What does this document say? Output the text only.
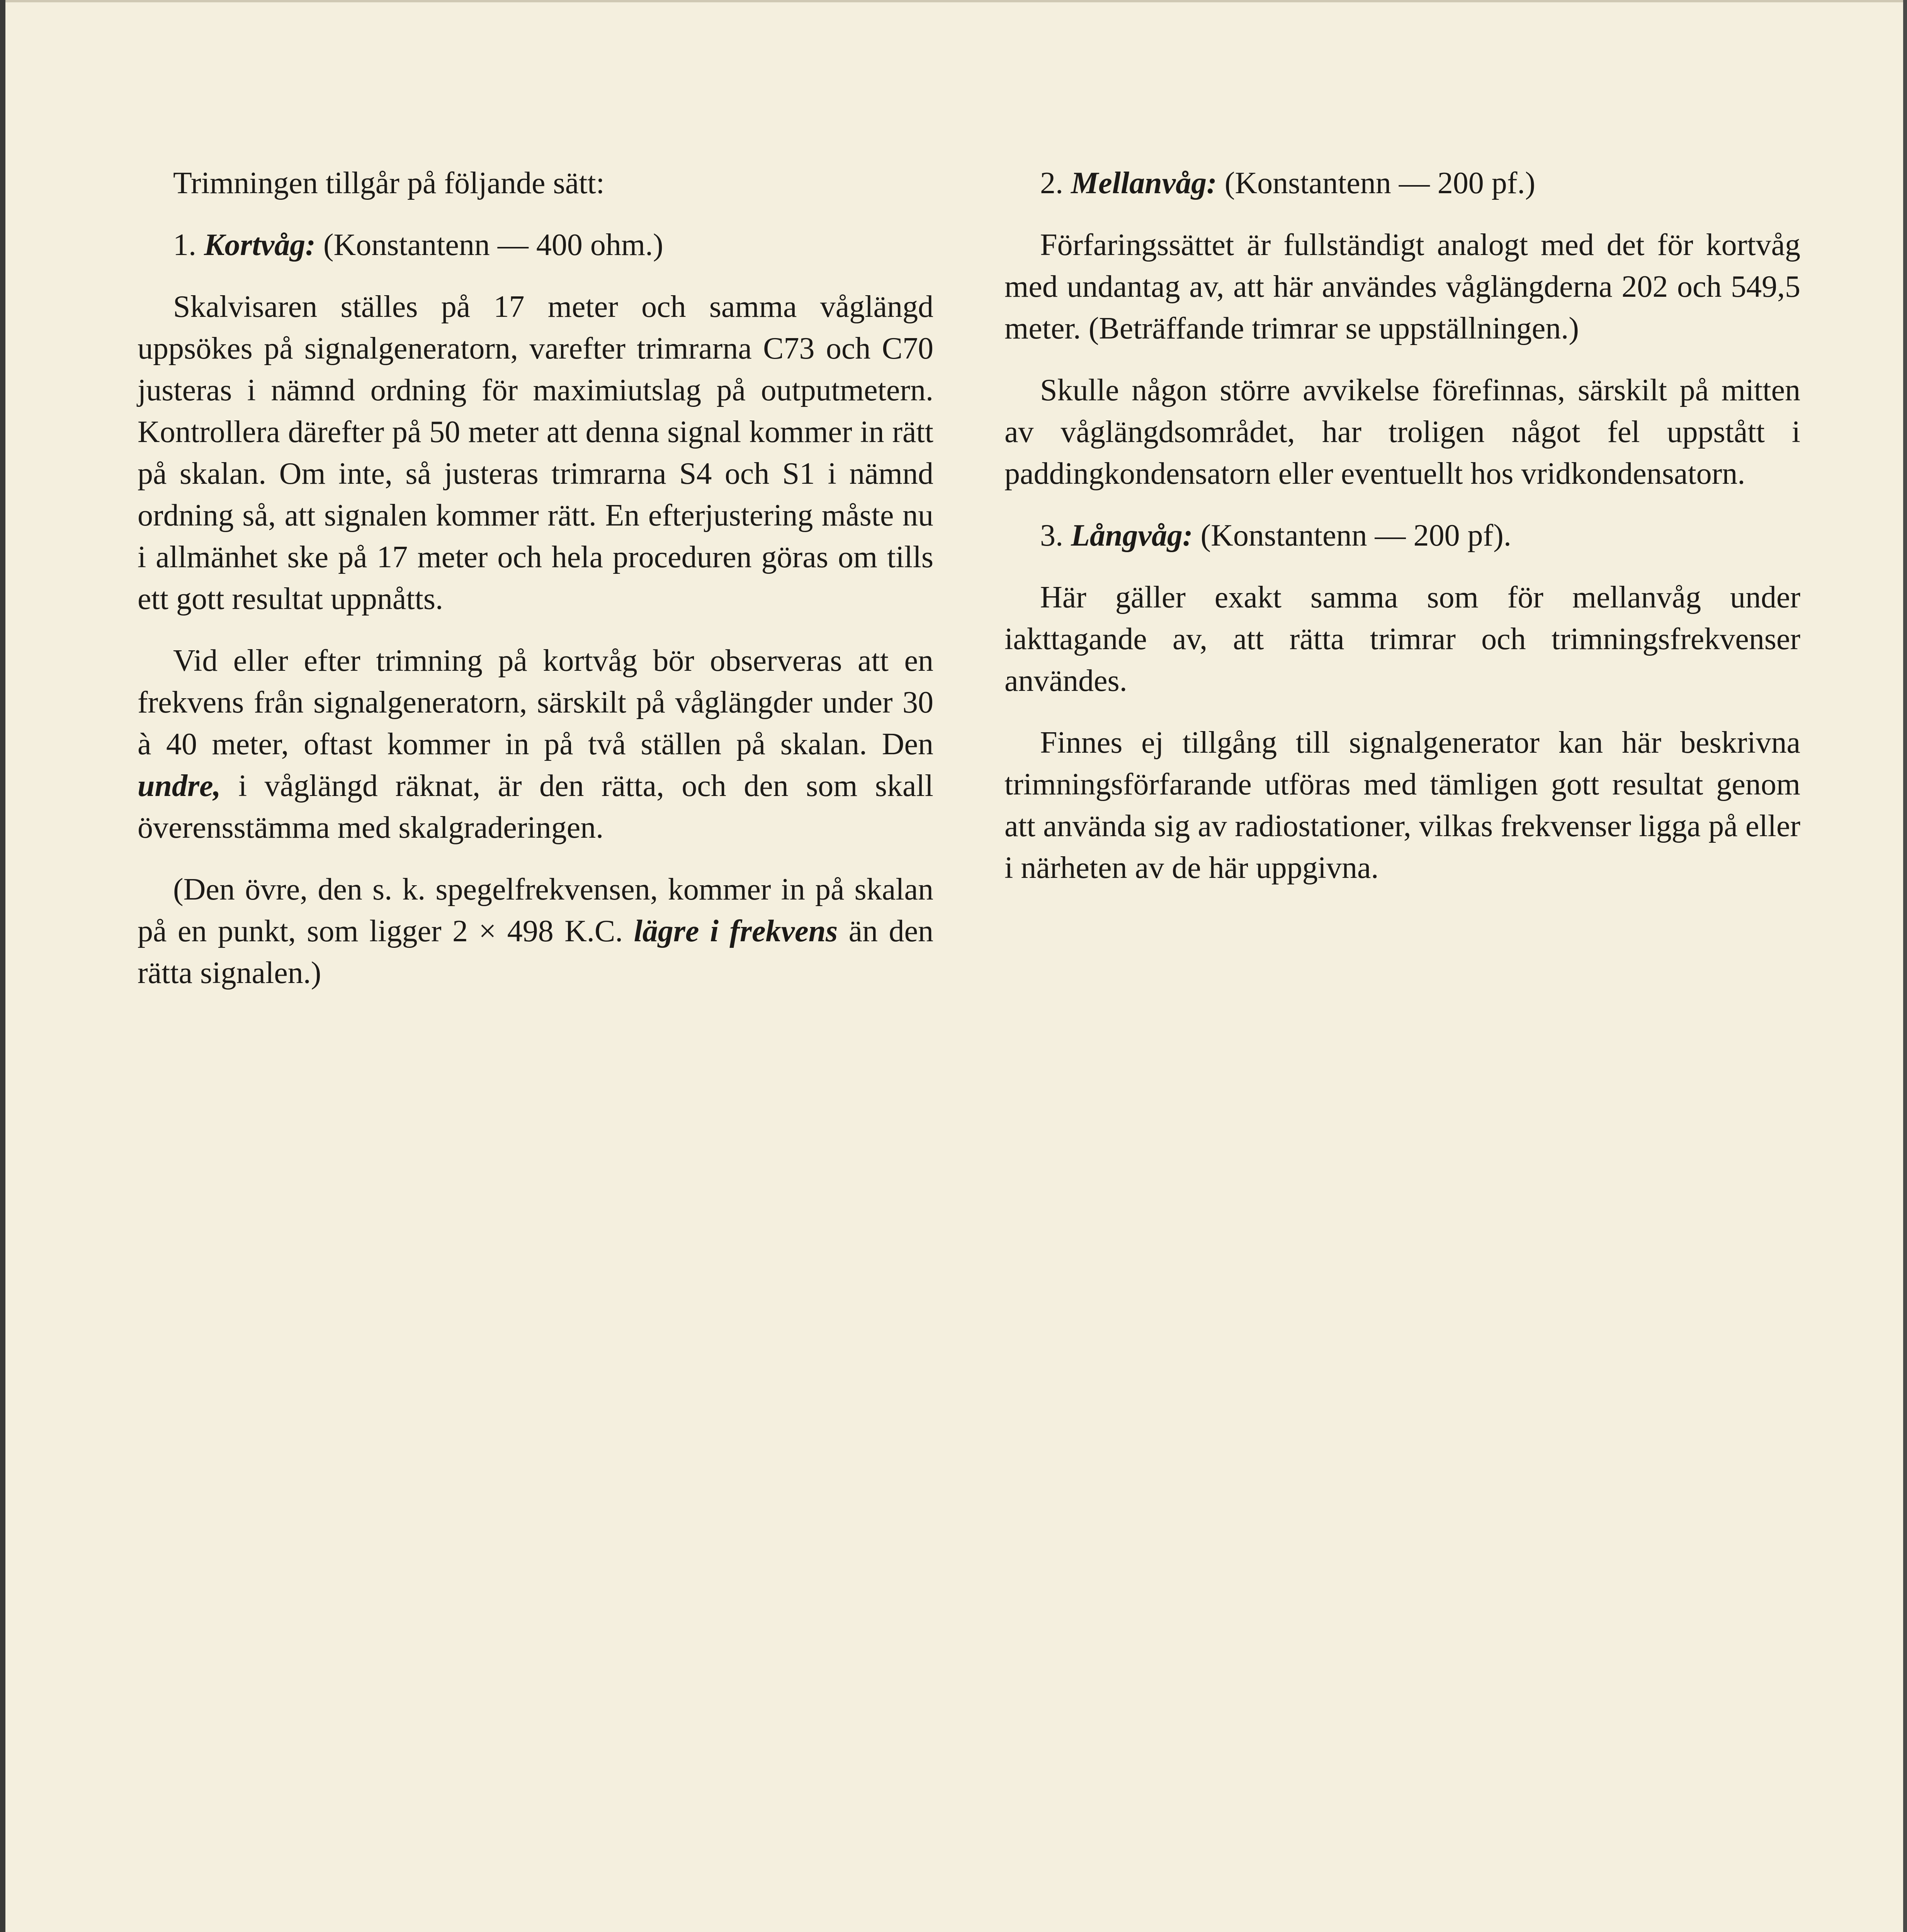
Trimningen tillgår på följande sätt:

1. Kortvåg: (Konstantenn — 400 ohm.)

Skalvisaren ställes på 17 meter och samma våglängd uppsökes på signalgeneratorn, varefter trimrarna C73 och C70 justeras i nämnd ordning för maximiutslag på outputmetern. Kontrollera därefter på 50 meter att denna signal kommer in rätt på skalan. Om inte, så justeras trimrarna S4 och S1 i nämnd ordning så, att signalen kommer rätt. En efterjustering måste nu i allmänhet ske på 17 meter och hela proceduren göras om tills ett gott resultat uppnåtts.

Vid eller efter trimning på kortvåg bör observeras att en frekvens från signalgeneratorn, särskilt på våglängder under 30 à 40 meter, oftast kommer in på två ställen på skalan. Den undre, i våglängd räknat, är den rätta, och den som skall överensstämma med skalgraderingen.

(Den övre, den s. k. spegelfrekvensen, kommer in på skalan på en punkt, som ligger 2 × 498 K.C. lägre i frekvens än den rätta signalen.)

2. Mellanvåg: (Konstantenn — 200 pf.)

Förfaringssättet är fullständigt analogt med det för kortvåg med undantag av, att här användes våglängderna 202 och 549,5 meter. (Beträffande trimrar se uppställningen.)

Skulle någon större avvikelse förefinnas, särskilt på mitten av våglängdsområdet, har troligen något fel uppstått i paddingkondensatorn eller eventuellt hos vridkondensatorn.

3. Långvåg: (Konstantenn — 200 pf).

Här gäller exakt samma som för mellanvåg under iakttagande av, att rätta trimrar och trimningsfrekvenser användes.

Finnes ej tillgång till signalgenerator kan här beskrivna trimningsförfarande utföras med tämligen gott resultat genom att använda sig av radiostationer, vilkas frekvenser ligga på eller i närheten av de här uppgivna.
